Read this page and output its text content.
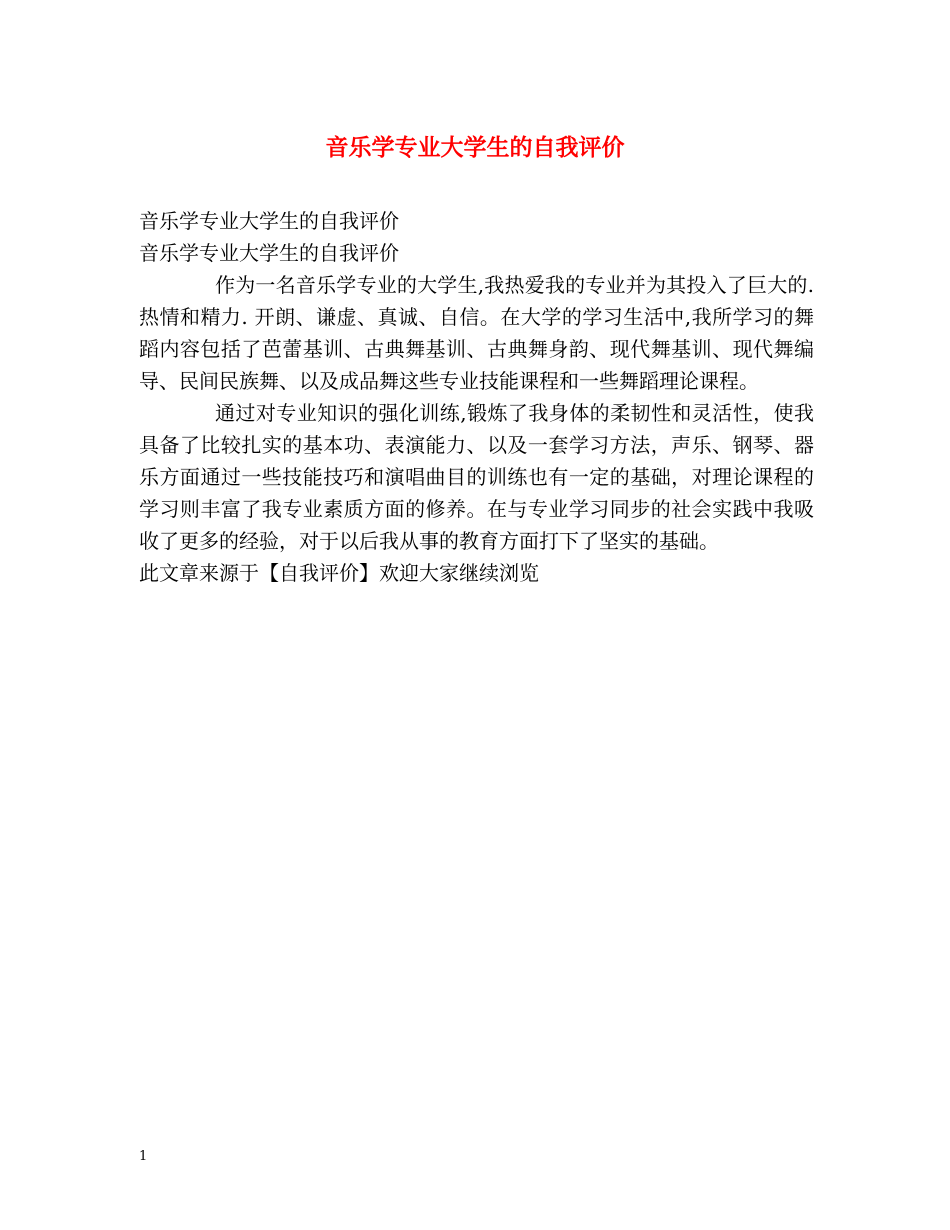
音乐学专业大学生的自我评价

音乐学专业大学生的自我评价

音乐学专业大学生的自我评价

作为一名音乐学专业的大学生,我热爱我的专业并为其投入了巨大的.热情和精力. 开朗、谦虚、真诚、自信。在大学的学习生活中,我所学习的舞蹈内容包括了芭蕾基训、古典舞基训、古典舞身韵、现代舞基训、现代舞编导、民间民族舞、以及成品舞这些专业技能课程和一些舞蹈理论课程。

通过对专业知识的强化训练,锻炼了我身体的柔韧性和灵活性，使我具备了比较扎实的基本功、表演能力、以及一套学习方法，声乐、钢琴、器乐方面通过一些技能技巧和演唱曲目的训练也有一定的基础，对理论课程的学习则丰富了我专业素质方面的修养。在与专业学习同步的社会实践中我吸收了更多的经验，对于以后我从事的教育方面打下了坚实的基础。

此文章来源于【自我评价】欢迎大家继续浏览

1
